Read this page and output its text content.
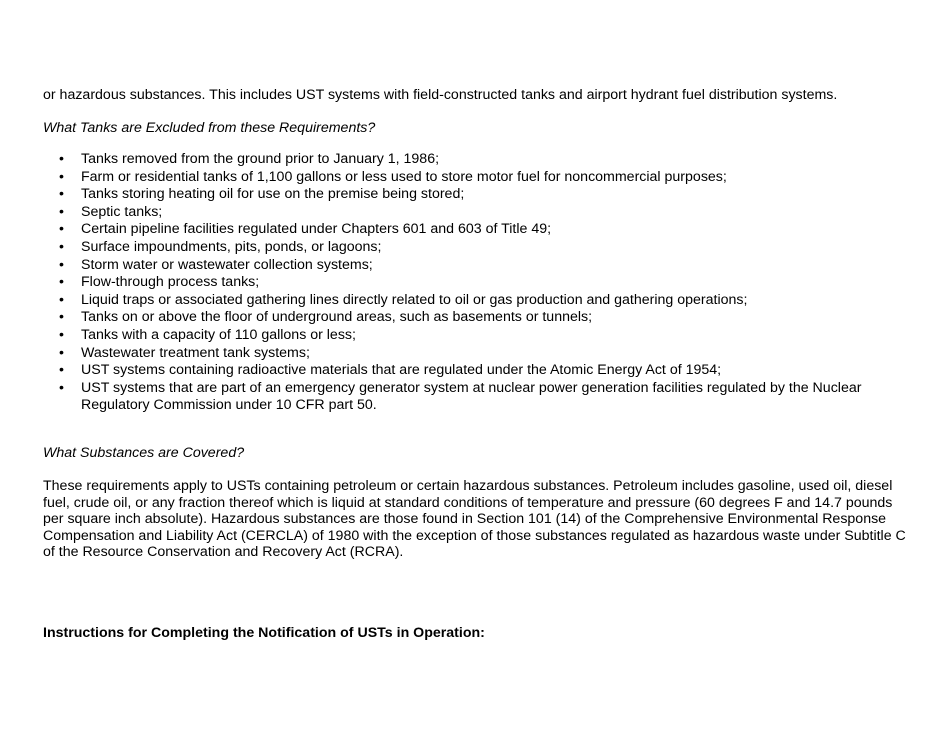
or hazardous substances. This includes UST systems with field-constructed tanks and airport hydrant fuel distribution systems.

What Tanks are Excluded from these Requirements?

• Tanks removed from the ground prior to January 1, 1986;
• Farm or residential tanks of 1,100 gallons or less used to store motor fuel for noncommercial purposes;
• Tanks storing heating oil for use on the premise being stored;
• Septic tanks;
• Certain pipeline facilities regulated under Chapters 601 and 603 of Title 49;
• Surface impoundments, pits, ponds, or lagoons;
• Storm water or wastewater collection systems;
• Flow-through process tanks;
• Liquid traps or associated gathering lines directly related to oil or gas production and gathering operations;
• Tanks on or above the floor of underground areas, such as basements or tunnels;
• Tanks with a capacity of 110 gallons or less;
• Wastewater treatment tank systems;
• UST systems containing radioactive materials that are regulated under the Atomic Energy Act of 1954;
• UST systems that are part of an emergency generator system at nuclear power generation facilities regulated by the Nuclear Regulatory Commission under 10 CFR part 50.

What Substances are Covered?

These requirements apply to USTs containing petroleum or certain hazardous substances. Petroleum includes gasoline, used oil, diesel fuel, crude oil, or any fraction thereof which is liquid at standard conditions of temperature and pressure (60 degrees F and 14.7 pounds per square inch absolute). Hazardous substances are those found in Section 101 (14) of the Comprehensive Environmental Response Compensation and Liability Act (CERCLA) of 1980 with the exception of those substances regulated as hazardous waste under Subtitle C of the Resource Conservation and Recovery Act (RCRA).

Instructions for Completing the Notification of USTs in Operation:
